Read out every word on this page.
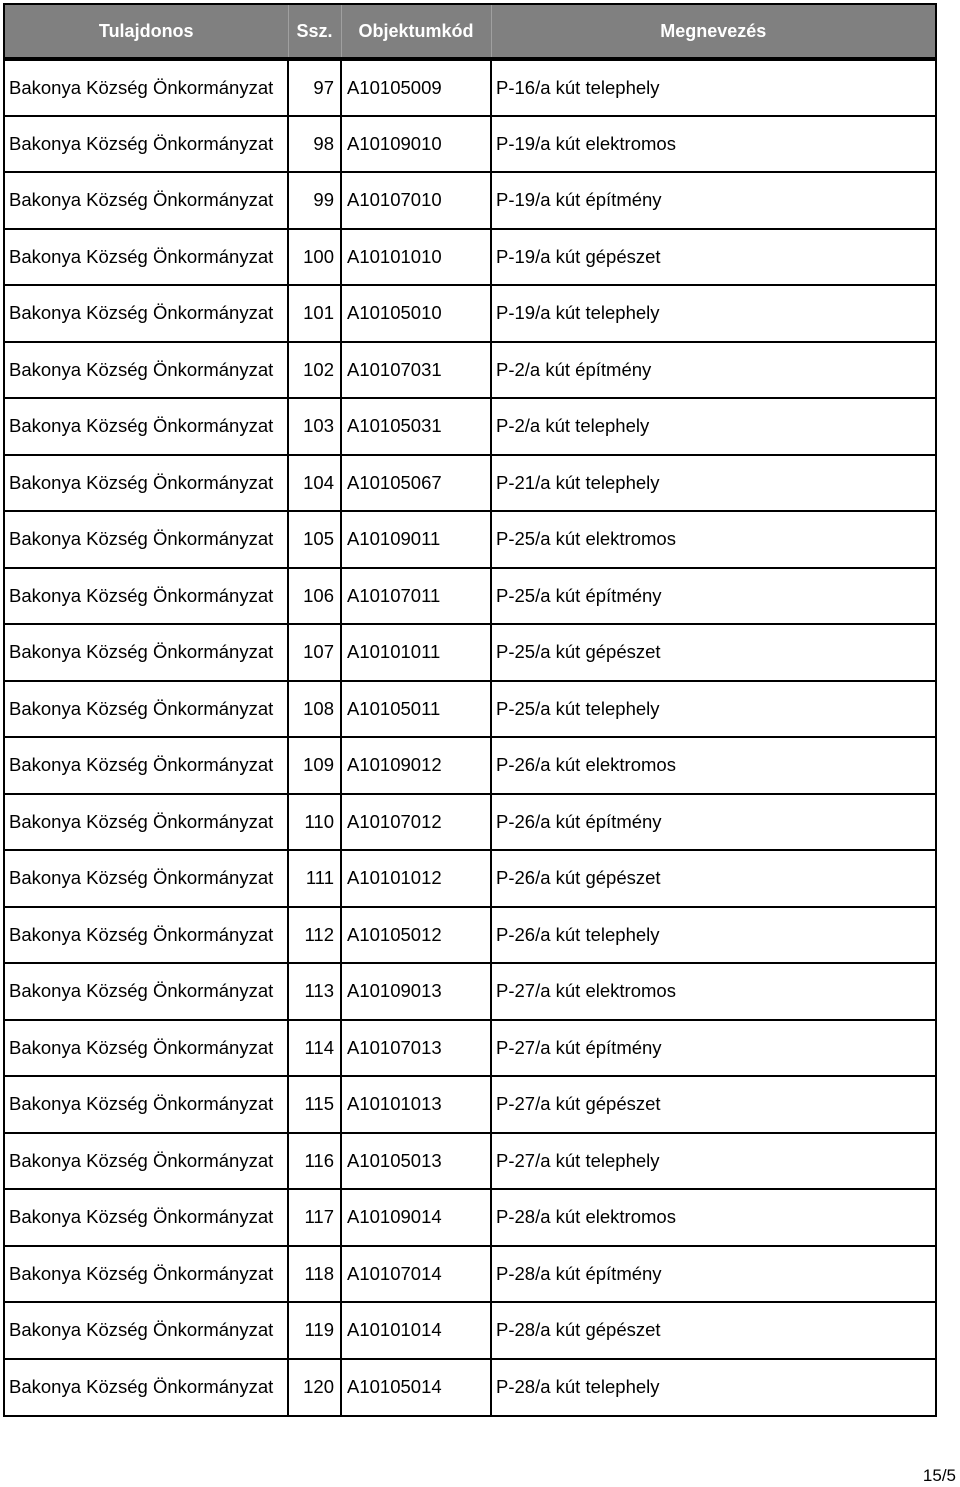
Tulajdonos	Ssz.	Objektumkód	Megnevezés
Bakonya Község Önkormányzat	97	A10105009	P-16/a kút telephely
Bakonya Község Önkormányzat	98	A10109010	P-19/a kút elektromos
Bakonya Község Önkormányzat	99	A10107010	P-19/a kút építmény
Bakonya Község Önkormányzat	100	A10101010	P-19/a kút gépészet
Bakonya Község Önkormányzat	101	A10105010	P-19/a kút telephely
Bakonya Község Önkormányzat	102	A10107031	P-2/a kút építmény
Bakonya Község Önkormányzat	103	A10105031	P-2/a kút telephely
Bakonya Község Önkormányzat	104	A10105067	P-21/a kút telephely
Bakonya Község Önkormányzat	105	A10109011	P-25/a kút elektromos
Bakonya Község Önkormányzat	106	A10107011	P-25/a kút építmény
Bakonya Község Önkormányzat	107	A10101011	P-25/a kút gépészet
Bakonya Község Önkormányzat	108	A10105011	P-25/a kút telephely
Bakonya Község Önkormányzat	109	A10109012	P-26/a kút elektromos
Bakonya Község Önkormányzat	110	A10107012	P-26/a kút építmény
Bakonya Község Önkormányzat	111	A10101012	P-26/a kút gépészet
Bakonya Község Önkormányzat	112	A10105012	P-26/a kút telephely
Bakonya Község Önkormányzat	113	A10109013	P-27/a kút elektromos
Bakonya Község Önkormányzat	114	A10107013	P-27/a kút építmény
Bakonya Község Önkormányzat	115	A10101013	P-27/a kút gépészet
Bakonya Község Önkormányzat	116	A10105013	P-27/a kút telephely
Bakonya Község Önkormányzat	117	A10109014	P-28/a kút elektromos
Bakonya Község Önkormányzat	118	A10107014	P-28/a kút építmény
Bakonya Község Önkormányzat	119	A10101014	P-28/a kút gépészet
Bakonya Község Önkormányzat	120	A10105014	P-28/a kút telephely
15/5
